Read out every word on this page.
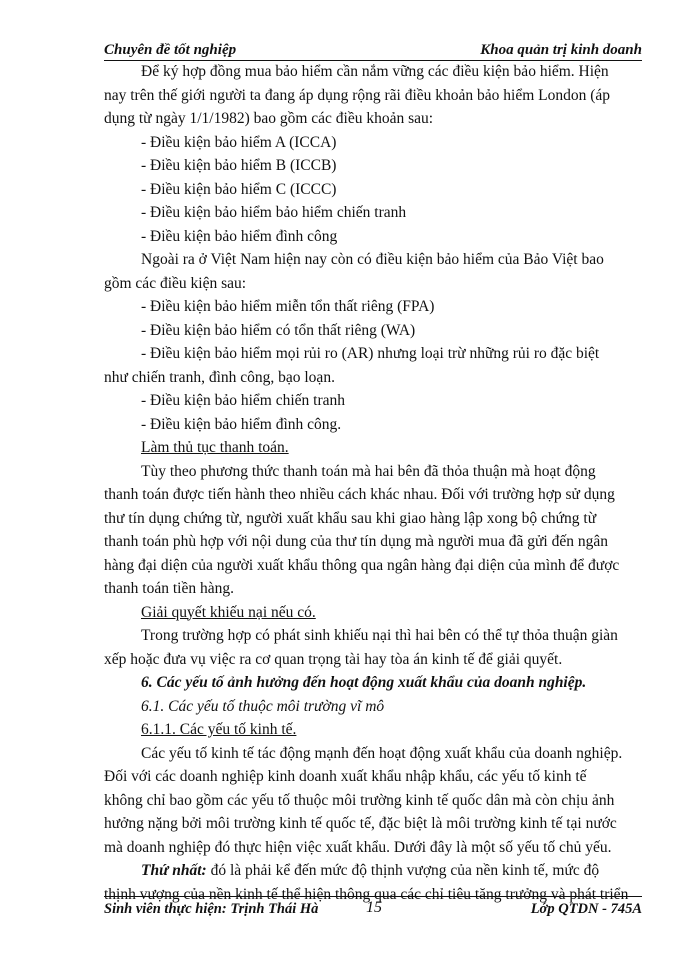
Chuyên đề tốt nghiệp	Khoa quản trị kinh doanh
Để ký hợp đồng mua bảo hiểm cần nắm vững các điều kiện bảo hiểm. Hiện
nay trên thế giới người ta đang áp dụng rộng rãi điều khoản bảo hiểm London (áp
dụng từ ngày 1/1/1982) bao gồm các điều khoản sau:
- Điều kiện bảo hiểm A (ICCA)
- Điều kiện bảo hiểm B (ICCB)
- Điều kiện bảo hiểm C (ICCC)
- Điều kiện bảo hiểm bảo hiểm chiến tranh
- Điều kiện bảo hiểm đình công
Ngoài ra ở Việt Nam hiện nay còn có điều kiện bảo hiểm của Bảo Việt bao
gồm các điều kiện sau:
- Điều kiện bảo hiểm miễn tổn thất riêng (FPA)
- Điều kiện bảo hiểm có tổn thất riêng (WA)
- Điều kiện bảo hiểm mọi rủi ro (AR) nhưng loại trừ những rủi ro đặc biệt
như chiến tranh, đình công, bạo loạn.
- Điều kiện bảo hiểm chiến tranh
- Điều kiện bảo hiểm đình công.
Làm thủ tục thanh toán.
Tùy theo phương thức thanh toán mà hai bên đã thỏa thuận mà hoạt động
thanh toán được tiến hành theo nhiều cách khác nhau. Đối với trường hợp sử dụng
thư tín dụng chứng từ, người xuất khẩu sau khi giao hàng lập xong bộ chứng từ
thanh toán phù hợp với nội dung của thư tín dụng mà người mua đã gửi đến ngân
hàng đại diện của người xuất khẩu thông qua ngân hàng đại diện của mình để được
thanh toán tiền hàng.
Giải quyết khiếu nại nếu có.
Trong trường hợp có phát sinh khiếu nại thì hai bên có thể tự thỏa thuận giàn
xếp hoặc đưa vụ việc ra cơ quan trọng tài hay tòa án kinh tế để giải quyết.
6. Các yếu tố ảnh hưởng đến hoạt động xuất khẩu của doanh nghiệp.
6.1. Các yếu tố thuộc môi trường vĩ mô
6.1.1. Các yếu tố kinh tế.
Các yếu tố kinh tế tác động mạnh đến hoạt động xuất khẩu của doanh nghiệp.
Đối với các doanh nghiệp kinh doanh xuất khẩu nhập khẩu, các yếu tố kinh tế
không chỉ bao gồm các yếu tố thuộc môi trường kinh tế quốc dân mà còn chịu ảnh
hưởng nặng bởi môi trường kinh tế quốc tế, đặc biệt là môi trường kinh tế tại nước
mà doanh nghiệp đó thực hiện việc xuất khẩu. Dưới đây là một số yếu tố chủ yếu.
Thứ nhất: đó là phải kể đến mức độ thịnh vượng của nền kinh tế, mức độ
thịnh vượng của nền kinh tế thể hiện thông qua các chỉ tiêu tăng trưởng và phát triển
Sinh viên thực hiện: Trịnh Thái Hà	15	Lớp QTDN - 745A
